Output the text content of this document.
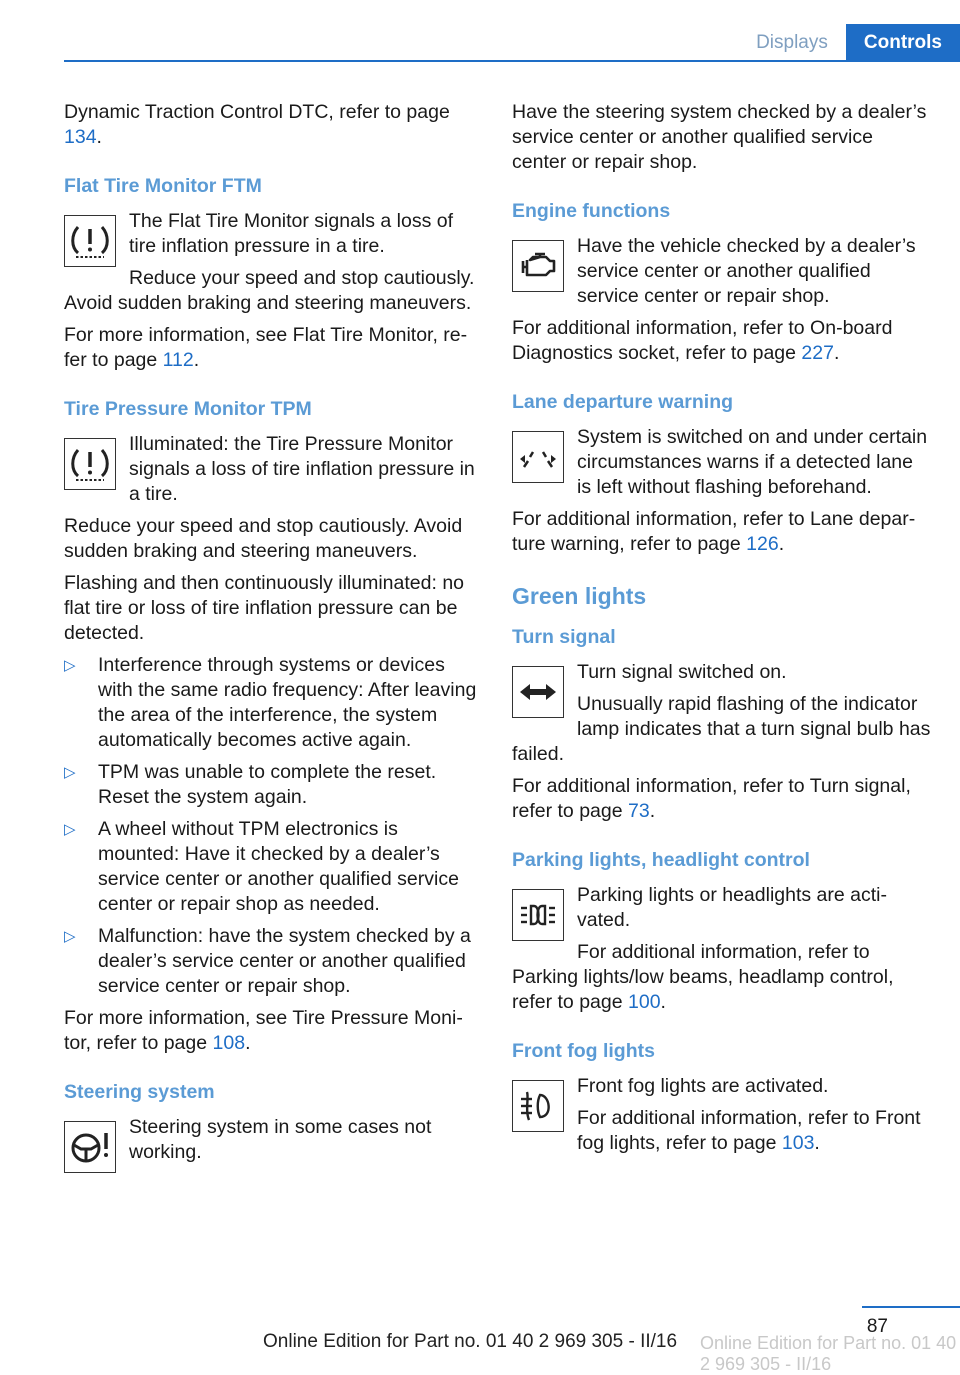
Displays	Controls

Dynamic Traction Control DTC, refer to page 134.

Flat Tire Monitor FTM

The Flat Tire Monitor signals a loss of tire inflation pressure in a tire.

Reduce your speed and stop cautiously. Avoid sudden braking and steering maneuvers.

For more information, see Flat Tire Monitor, refer to page 112.

Tire Pressure Monitor TPM

Illuminated: the Tire Pressure Monitor signals a loss of tire inflation pressure in a tire.

Reduce your speed and stop cautiously. Avoid sudden braking and steering maneuvers.

Flashing and then continuously illuminated: no flat tire or loss of tire inflation pressure can be detected.

▷ Interference through systems or devices with the same radio frequency: After leaving the area of the interference, the system automatically becomes active again.
▷ TPM was unable to complete the reset. Reset the system again.
▷ A wheel without TPM electronics is mounted: Have it checked by a dealer’s service center or another qualified service center or repair shop as needed.
▷ Malfunction: have the system checked by a dealer’s service center or another qualified service center or repair shop.

For more information, see Tire Pressure Monitor, refer to page 108.

Steering system

Steering system in some cases not working.

Have the steering system checked by a dealer’s service center or another qualified service center or repair shop.

Engine functions

Have the vehicle checked by a dealer’s service center or another qualified service center or repair shop.

For additional information, refer to On-board Diagnostics socket, refer to page 227.

Lane departure warning

System is switched on and under certain circumstances warns if a detected lane is left without flashing beforehand.

For additional information, refer to Lane departure warning, refer to page 126.

Green lights
Turn signal

Turn signal switched on.

Unusually rapid flashing of the indicator lamp indicates that a turn signal bulb has failed.

For additional information, refer to Turn signal, refer to page 73.

Parking lights, headlight control

Parking lights or headlights are activated.

For additional information, refer to Parking lights/low beams, headlamp control, refer to page 100.

Front fog lights

Front fog lights are activated.

For additional information, refer to Front fog lights, refer to page 103.

87
Online Edition for Part no. 01 40 2 969 305 - II/16 Online Edition for Part no. 01 40 2 969 305 - II/16
